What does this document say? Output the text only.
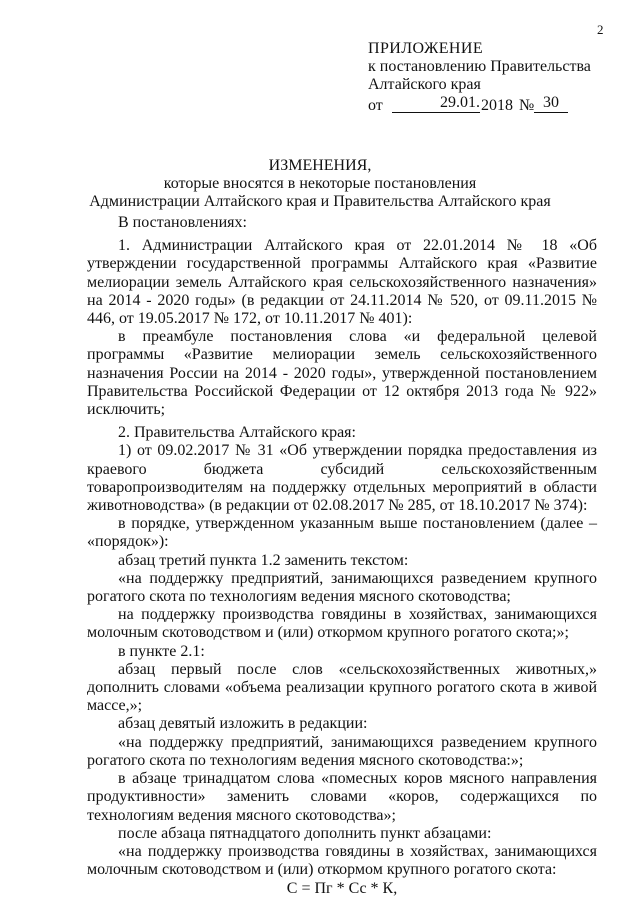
2
ПРИЛОЖЕНИЕ
к постановлению Правительства
Алтайского края
от	29.01. 2018 № 30
ИЗМЕНЕНИЯ,
которые вносятся в некоторые постановления
Администрации Алтайского края и Правительства Алтайского края

В постановлениях:

1. Администрации Алтайского края от 22.01.2014 № 18 «Об утверждении государственной программы Алтайского края «Развитие мелиорации земель Алтайского края сельскохозяйственного назначения» на 2014 - 2020 годы» (в редакции от 24.11.2014 № 520, от 09.11.2015 № 446, от 19.05.2017 № 172, от 10.11.2017 № 401):

в преамбуле постановления слова «и федеральной целевой программы «Развитие мелиорации земель сельскохозяйственного назначения России на 2014 - 2020 годы», утвержденной постановлением Правительства Российской Федерации от 12 октября 2013 года № 922» исключить;

2. Правительства Алтайского края:

1) от 09.02.2017 № 31 «Об утверждении порядка предоставления из краевого бюджета субсидий сельскохозяйственным товаропроизводителям на поддержку отдельных мероприятий в области животноводства» (в редакции от 02.08.2017 № 285, от 18.10.2017 № 374):

в порядке, утвержденном указанным выше постановлением (далее – «порядок»):

абзац третий пункта 1.2 заменить текстом:

«на поддержку предприятий, занимающихся разведением крупного рогатого скота по технологиям ведения мясного скотоводства;

на поддержку производства говядины в хозяйствах, занимающихся молочным скотоводством и (или) откормом крупного рогатого скота;»;

в пункте 2.1:

абзац первый после слов «сельскохозяйственных животных,» дополнить словами «объема реализации крупного рогатого скота в живой массе,»;

абзац девятый изложить в редакции:

«на поддержку предприятий, занимающихся разведением крупного рогатого скота по технологиям ведения мясного скотоводства:»;

в абзаце тринадцатом слова «помесных коров мясного направления продуктивности» заменить словами «коров, содержащихся по технологиям ведения мясного скотоводства»;

после абзаца пятнадцатого дополнить пункт абзацами:

«на поддержку производства говядины в хозяйствах, занимающихся молочным скотоводством и (или) откормом крупного рогатого скота:

С = Пг * Сс * К,
